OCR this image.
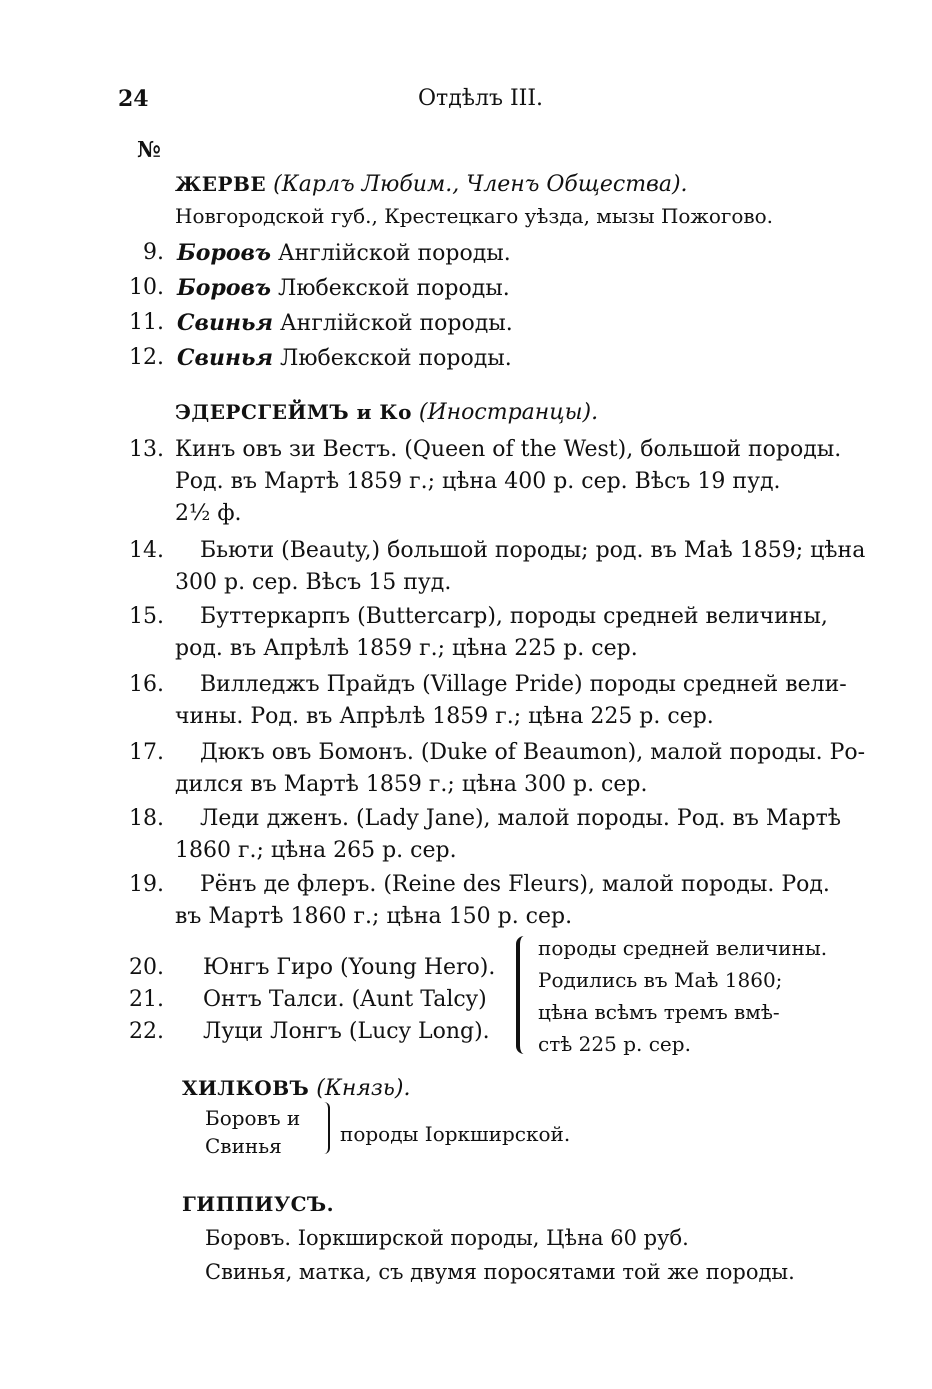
24	Отдѣлъ III.
№
ЖЕРВЕ (Карлъ Любим., Членъ Общества).
Новгородской губ., Крестецкаго уѣзда, мызы Пожогово.
9. Боровъ Англійской породы.
10. Боровъ Любекской породы.
11. Свинья Англійской породы.
12. Свинья Любекской породы.
ЭДЕРСГЕЙМЪ и Ко (Иностранцы).
13. Кинъ овъ зи Вестъ. (Queen of the West), большой породы.
Род. въ Мартѣ 1859 г.; цѣна 400 р. сер. Вѣсъ 19 пуд.
2½ ф.
14. Бьюти (Beauty,) большой породы; род. въ Маѣ 1859; цѣна
300 р. сер. Вѣсъ 15 пуд.
15. Буттеркарпъ (Buttercarp), породы средней величины,
род. въ Апрѣлѣ 1859 г.; цѣна 225 р. сер.
16. Вилледжъ Прайдъ (Village Pride) породы средней вели-
чины. Род. въ Апрѣлѣ 1859 г.; цѣна 225 р. сер.
17. Дюкъ овъ Бомонъ. (Duke of Beaumon), малой породы. Ро-
дился въ Мартѣ 1859 г.; цѣна 300 р. сер.
18. Леди дженъ. (Lady Jane), малой породы. Род. въ Мартѣ
1860 г.; цѣна 265 р. сер.
19. Рёнъ де флеръ. (Reine des Fleurs), малой породы. Род.
въ Мартѣ 1860 г.; цѣна 150 р. сер.
20. Юнгъ Гиро (Young Hero).
21. Онтъ Талси. (Aunt Talcy)
22. Луци Лонгъ (Lucy Long).
породы средней величины.
Родились въ Маѣ 1860;
цѣна всѣмъ тремъ вмѣ-
стѣ 225 р. сер.
ХИЛКОВЪ (Князь).
Боровъ и
Свинья	породы Іоркширской.
ГИППИУСЪ.
Боровъ. Іоркширской породы, Цѣна 60 руб.
Свинья, матка, съ двумя поросятами той же породы.
